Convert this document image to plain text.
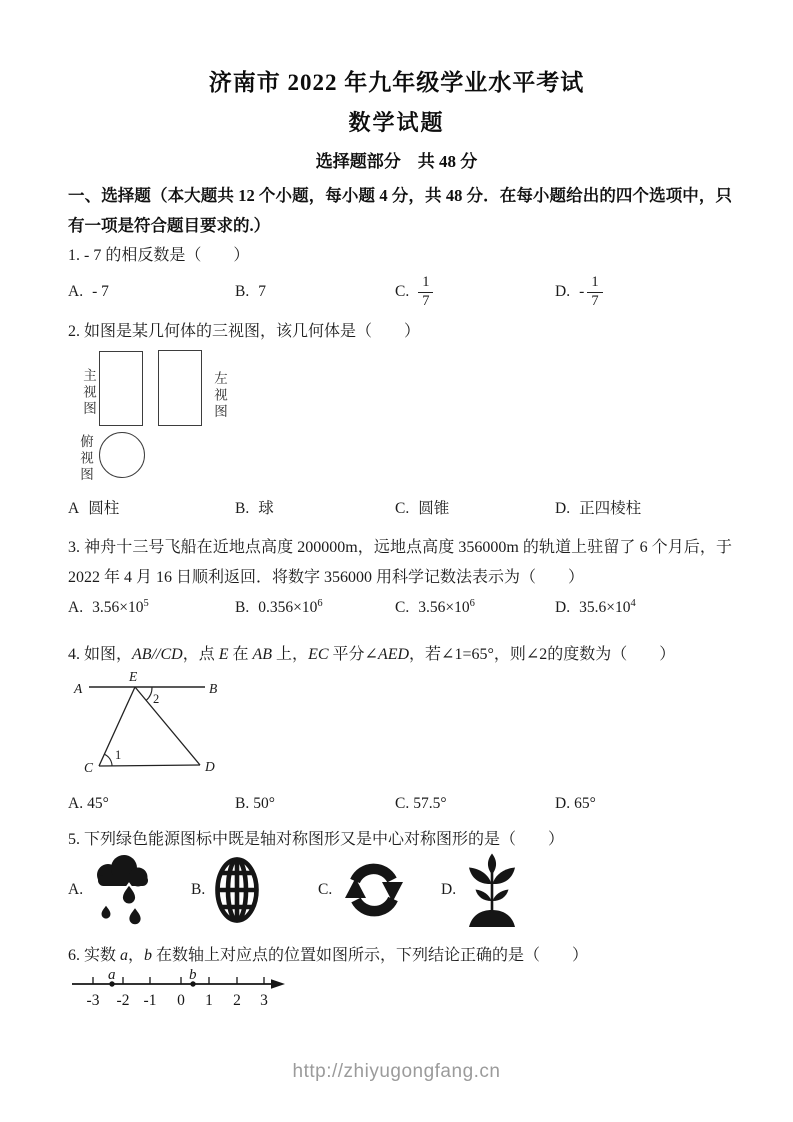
济南市 2022 年九年级学业水平考试
数学试题
选择题部分　共 48 分
一、选择题（本大题共 12 个小题，每小题 4 分，共 48 分．在每小题给出的四个选项中，只有一项是符合题目要求的.）
1. - 7 的相反数是（　　）
A. - 7	B. 7	C. $\frac{1}{7}$	D. -  $\frac{1}{7}$
2. 如图是某几何体的三视图，该几何体是（　　）
主视图	左视图
俯视图
A 圆柱	B. 球	C. 圆锥	D. 正四棱柱
3. 神舟十三号飞船在近地点高度 200000m，远地点高度 356000m 的轨道上驻留了 6 个月后，于 2022 年 4 月 16 日顺利返回．将数字 356000 用科学记数法表示为（　　）
A. $3.56\times 10^5$	B. $0.356\times 10^6$	C. $3.56\times 10^6$	D. $35.6\times 10^4$
4. 如图，AB//CD，点 E 在 AB 上，EC 平分∠AED，若∠1=65°，则∠2的度数为（　　）
A
E
B
C	D
2
1
A. 45°	B. 50°	C. 57.5°	D. 65°
5. 下列绿色能源图标中既是轴对称图形又是中心对称图形的是（　　）
A.	B.	C.	D.
6. 实数 a，b 在数轴上对应点的位置如图所示，下列结论正确的是（　　）
-3 -2 -1 0 1 2 3
a	b
http://zhiyugongfang.cn
